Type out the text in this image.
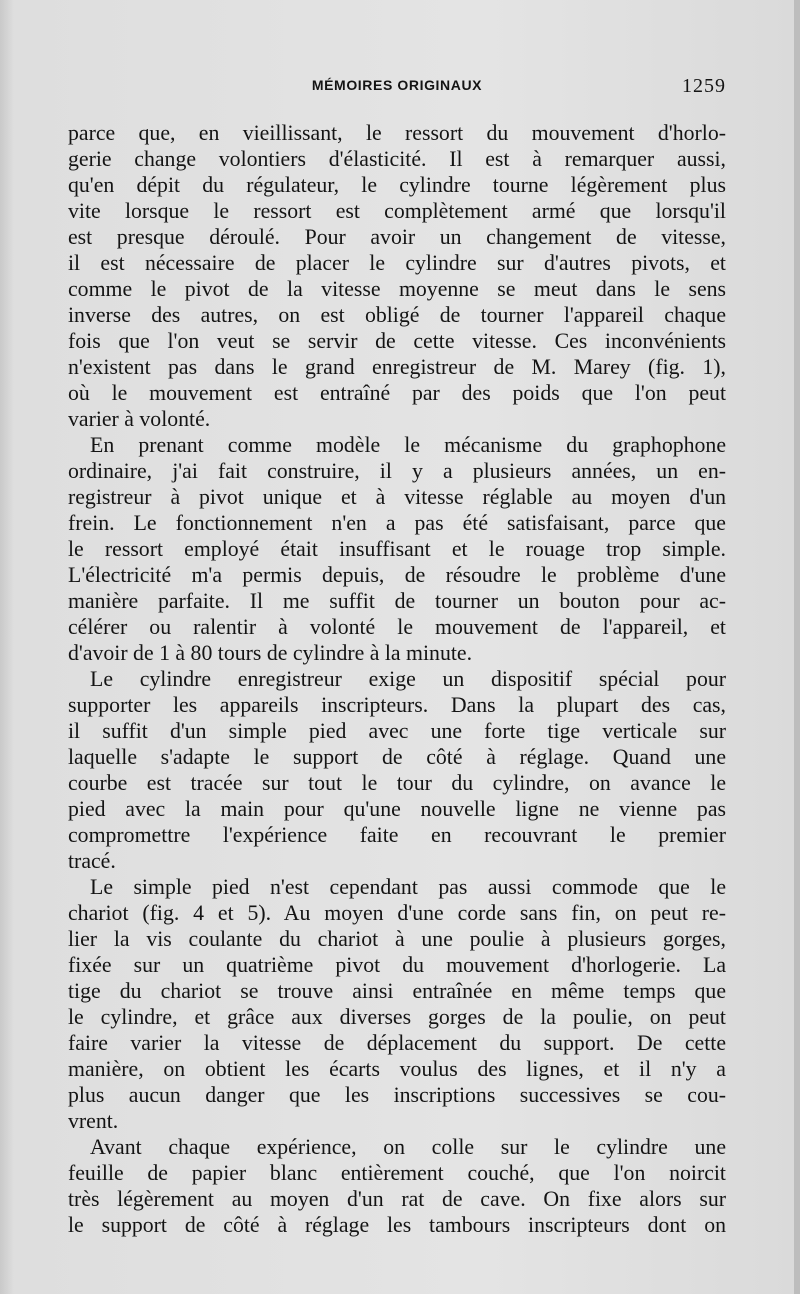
MÉMOIRES ORIGINAUX	1259
parce que, en vieillissant, le ressort du mouvement d'horlo-
gerie change volontiers d'élasticité. Il est à remarquer aussi,
qu'en dépit du régulateur, le cylindre tourne légèrement plus
vite lorsque le ressort est complètement armé que lorsqu'il
est presque déroulé. Pour avoir un changement de vitesse,
il est nécessaire de placer le cylindre sur d'autres pivots, et
comme le pivot de la vitesse moyenne se meut dans le sens
inverse des autres, on est obligé de tourner l'appareil chaque
fois que l'on veut se servir de cette vitesse. Ces inconvénients
n'existent pas dans le grand enregistreur de M. Marey (fig. 1),
où le mouvement est entraîné par des poids que l'on peut
varier à volonté.
En prenant comme modèle le mécanisme du graphophone
ordinaire, j'ai fait construire, il y a plusieurs années, un en-
registreur à pivot unique et à vitesse réglable au moyen d'un
frein. Le fonctionnement n'en a pas été satisfaisant, parce que
le ressort employé était insuffisant et le rouage trop simple.
L'électricité m'a permis depuis, de résoudre le problème d'une
manière parfaite. Il me suffit de tourner un bouton pour ac-
célérer ou ralentir à volonté le mouvement de l'appareil, et
d'avoir de 1 à 80 tours de cylindre à la minute.
Le cylindre enregistreur exige un dispositif spécial pour
supporter les appareils inscripteurs. Dans la plupart des cas,
il suffit d'un simple pied avec une forte tige verticale sur
laquelle s'adapte le support de côté à réglage. Quand une
courbe est tracée sur tout le tour du cylindre, on avance le
pied avec la main pour qu'une nouvelle ligne ne vienne pas
compromettre l'expérience faite en recouvrant le premier
tracé.
Le simple pied n'est cependant pas aussi commode que le
chariot (fig. 4 et 5). Au moyen d'une corde sans fin, on peut re-
lier la vis coulante du chariot à une poulie à plusieurs gorges,
fixée sur un quatrième pivot du mouvement d'horlogerie. La
tige du chariot se trouve ainsi entraînée en même temps que
le cylindre, et grâce aux diverses gorges de la poulie, on peut
faire varier la vitesse de déplacement du support. De cette
manière, on obtient les écarts voulus des lignes, et il n'y a
plus aucun danger que les inscriptions successives se cou-
vrent.
Avant chaque expérience, on colle sur le cylindre une
feuille de papier blanc entièrement couché, que l'on noircit
très légèrement au moyen d'un rat de cave. On fixe alors sur
le support de côté à réglage les tambours inscripteurs dont on
